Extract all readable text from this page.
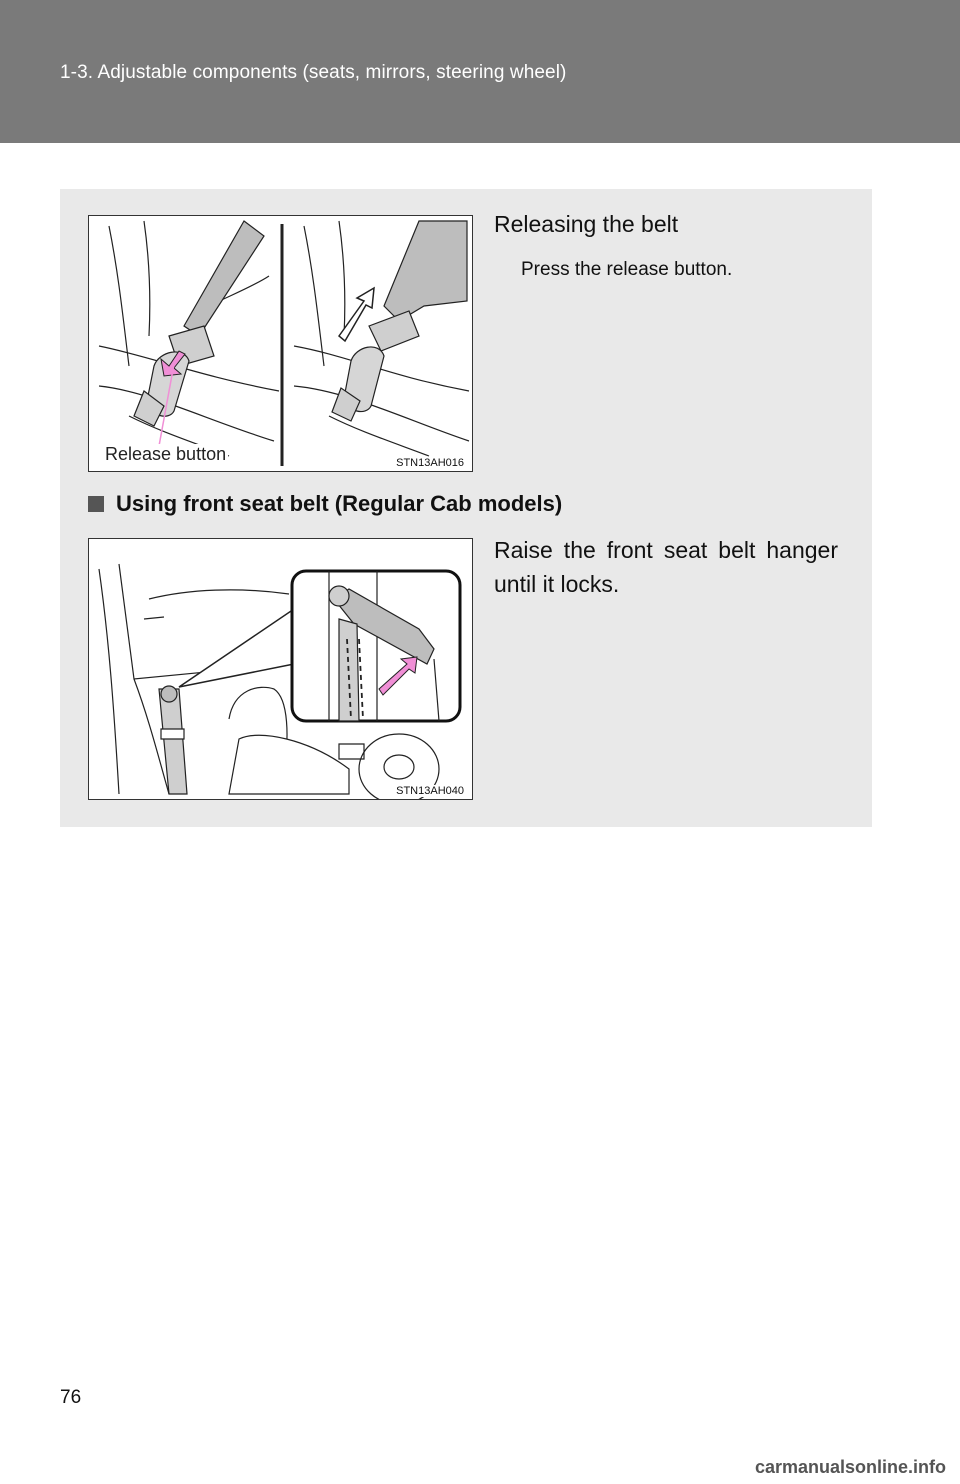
1-3. Adjustable components (seats, mirrors, steering wheel)
Release button	STN13AH016
Releasing the belt
Press the release button.
Using front seat belt (Regular Cab models)
STN13AH040
Raise the front seat belt hanger until it locks.
76
carmanualsonline.info
